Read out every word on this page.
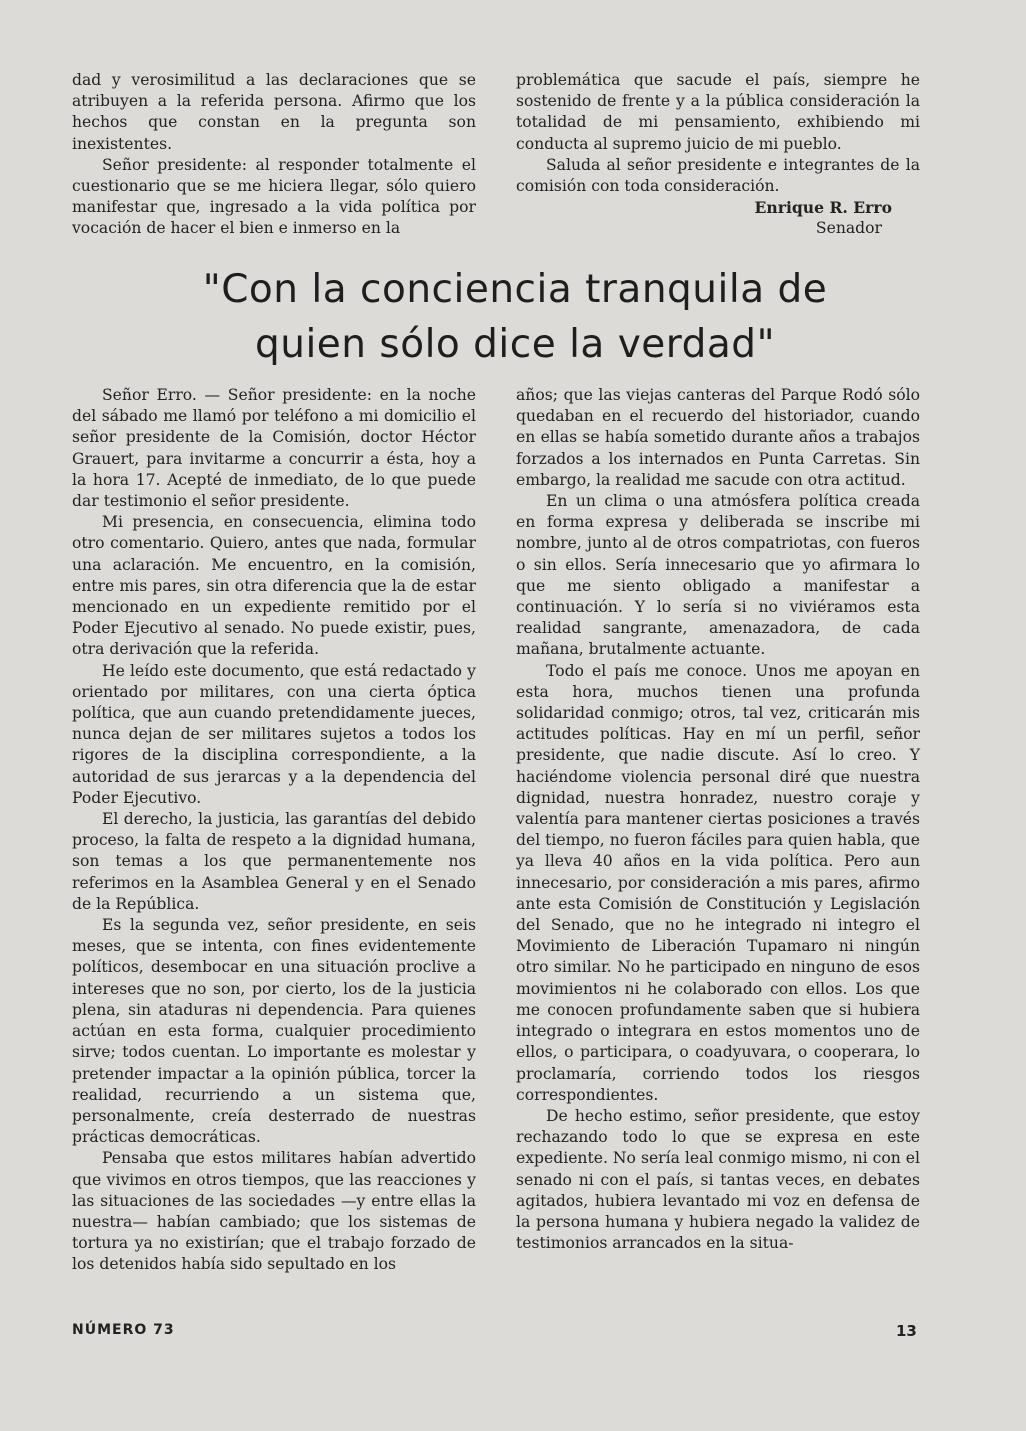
dad y verosimilitud a las declaraciones que se atribuyen a la referida persona. Afirmo que los hechos que constan en la pregunta son inexistentes.

Señor presidente: al responder totalmente el cuestionario que se me hiciera llegar, sólo quiero manifestar que, ingresado a la vida política por vocación de hacer el bien e inmerso en la

problemática que sacude el país, siempre he sostenido de frente y a la pública consideración la totalidad de mi pensamiento, exhibiendo mi conducta al supremo juicio de mi pueblo.

Saluda al señor presidente e integrantes de la comisión con toda consideración.

Enrique R. Erro

Senador

"Con la conciencia tranquila de
quien sólo dice la verdad"

Señor Erro. — Señor presidente: en la noche del sábado me llamó por teléfono a mi domicilio el señor presidente de la Comisión, doctor Héctor Grauert, para invitarme a concurrir a ésta, hoy a la hora 17. Acepté de inmediato, de lo que puede dar testimonio el señor presidente.

Mi presencia, en consecuencia, elimina todo otro comentario. Quiero, antes que nada, formular una aclaración. Me encuentro, en la comisión, entre mis pares, sin otra diferencia que la de estar mencionado en un expediente remitido por el Poder Ejecutivo al senado. No puede existir, pues, otra derivación que la referida.

He leído este documento, que está redactado y orientado por militares, con una cierta óptica política, que aun cuando pretendidamente jueces, nunca dejan de ser militares sujetos a todos los rigores de la disciplina correspondiente, a la autoridad de sus jerarcas y a la dependencia del Poder Ejecutivo.

El derecho, la justicia, las garantías del debido proceso, la falta de respeto a la dignidad humana, son temas a los que permanentemente nos referimos en la Asamblea General y en el Senado de la República.

Es la segunda vez, señor presidente, en seis meses, que se intenta, con fines evidentemente políticos, desembocar en una situación proclive a intereses que no son, por cierto, los de la justicia plena, sin ataduras ni dependencia. Para quienes actúan en esta forma, cualquier procedimiento sirve; todos cuentan. Lo importante es molestar y pretender impactar a la opinión pública, torcer la realidad, recurriendo a un sistema que, personalmente, creía desterrado de nuestras prácticas democráticas.

Pensaba que estos militares habían advertido que vivimos en otros tiempos, que las reacciones y las situaciones de las sociedades —y entre ellas la nuestra— habían cambiado; que los sistemas de tortura ya no existirían; que el trabajo forzado de los detenidos había sido sepultado en los

años; que las viejas canteras del Parque Rodó sólo quedaban en el recuerdo del historiador, cuando en ellas se había sometido durante años a trabajos forzados a los internados en Punta Carretas. Sin embargo, la realidad me sacude con otra actitud.

En un clima o una atmósfera política creada en forma expresa y deliberada se inscribe mi nombre, junto al de otros compatriotas, con fueros o sin ellos. Sería innecesario que yo afirmara lo que me siento obligado a manifestar a continuación. Y lo sería si no viviéramos esta realidad sangrante, amenazadora, de cada mañana, brutalmente actuante.

Todo el país me conoce. Unos me apoyan en esta hora, muchos tienen una profunda solidaridad conmigo; otros, tal vez, criticarán mis actitudes políticas. Hay en mí un perfil, señor presidente, que nadie discute. Así lo creo. Y haciéndome violencia personal diré que nuestra dignidad, nuestra honradez, nuestro coraje y valentía para mantener ciertas posiciones a través del tiempo, no fueron fáciles para quien habla, que ya lleva 40 años en la vida política. Pero aun innecesario, por consideración a mis pares, afirmo ante esta Comisión de Constitución y Legislación del Senado, que no he integrado ni integro el Movimiento de Liberación Tupamaro ni ningún otro similar. No he participado en ninguno de esos movimientos ni he colaborado con ellos. Los que me conocen profundamente saben que si hubiera integrado o integrara en estos momentos uno de ellos, o participara, o coadyuvara, o cooperara, lo proclamaría, corriendo todos los riesgos correspondientes.

De hecho estimo, señor presidente, que estoy rechazando todo lo que se expresa en este expediente. No sería leal conmigo mismo, ni con el senado ni con el país, si tantas veces, en debates agitados, hubiera levantado mi voz en defensa de la persona humana y hubiera negado la validez de testimonios arrancados en la situa-

NÚMERO 73	13
